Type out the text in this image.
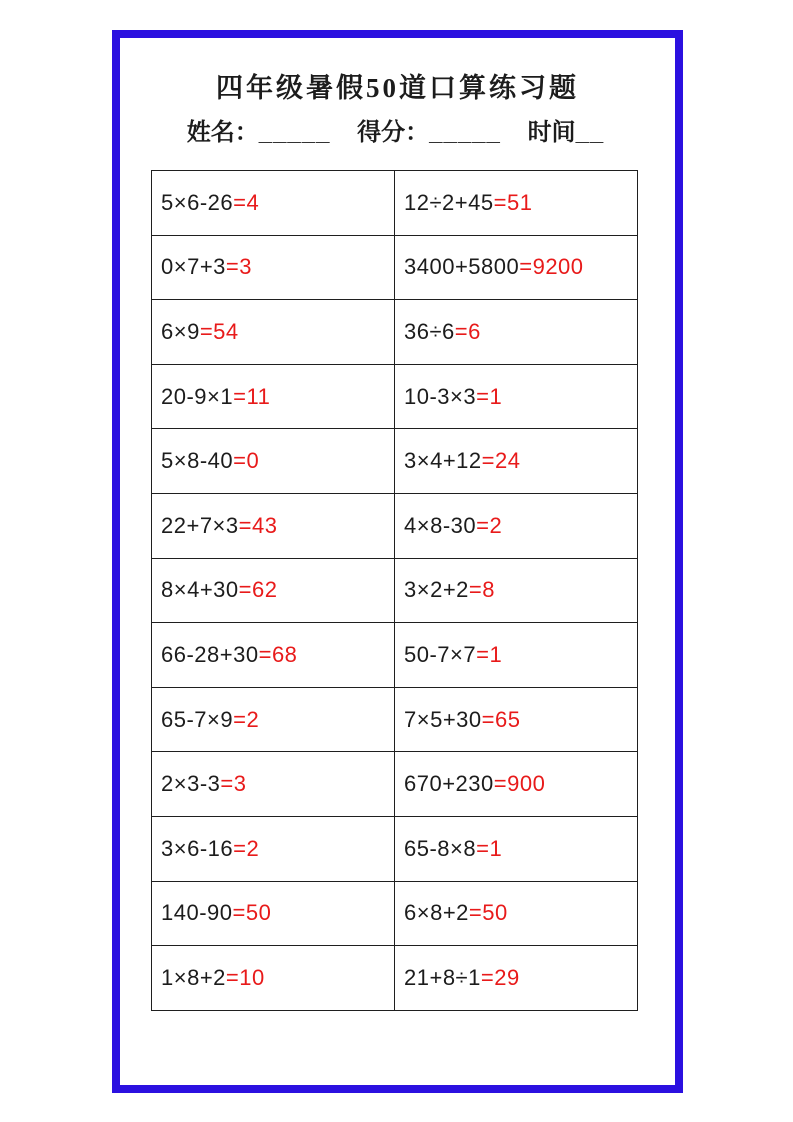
四年级暑假50道口算练习题
姓名：_____ 得分：_____ 时间__
5×6-26=4	12÷2+45=51
0×7+3=3	3400+5800=9200
6×9=54	36÷6=6
20-9×1=11	10-3×3=1
5×8-40=0	3×4+12=24
22+7×3=43	4×8-30=2
8×4+30=62	3×2+2=8
66-28+30=68	50-7×7=1
65-7×9=2	7×5+30=65
2×3-3=3	670+230=900
3×6-16=2	65-8×8=1
140-90=50	6×8+2=50
1×8+2=10	21+8÷1=29
